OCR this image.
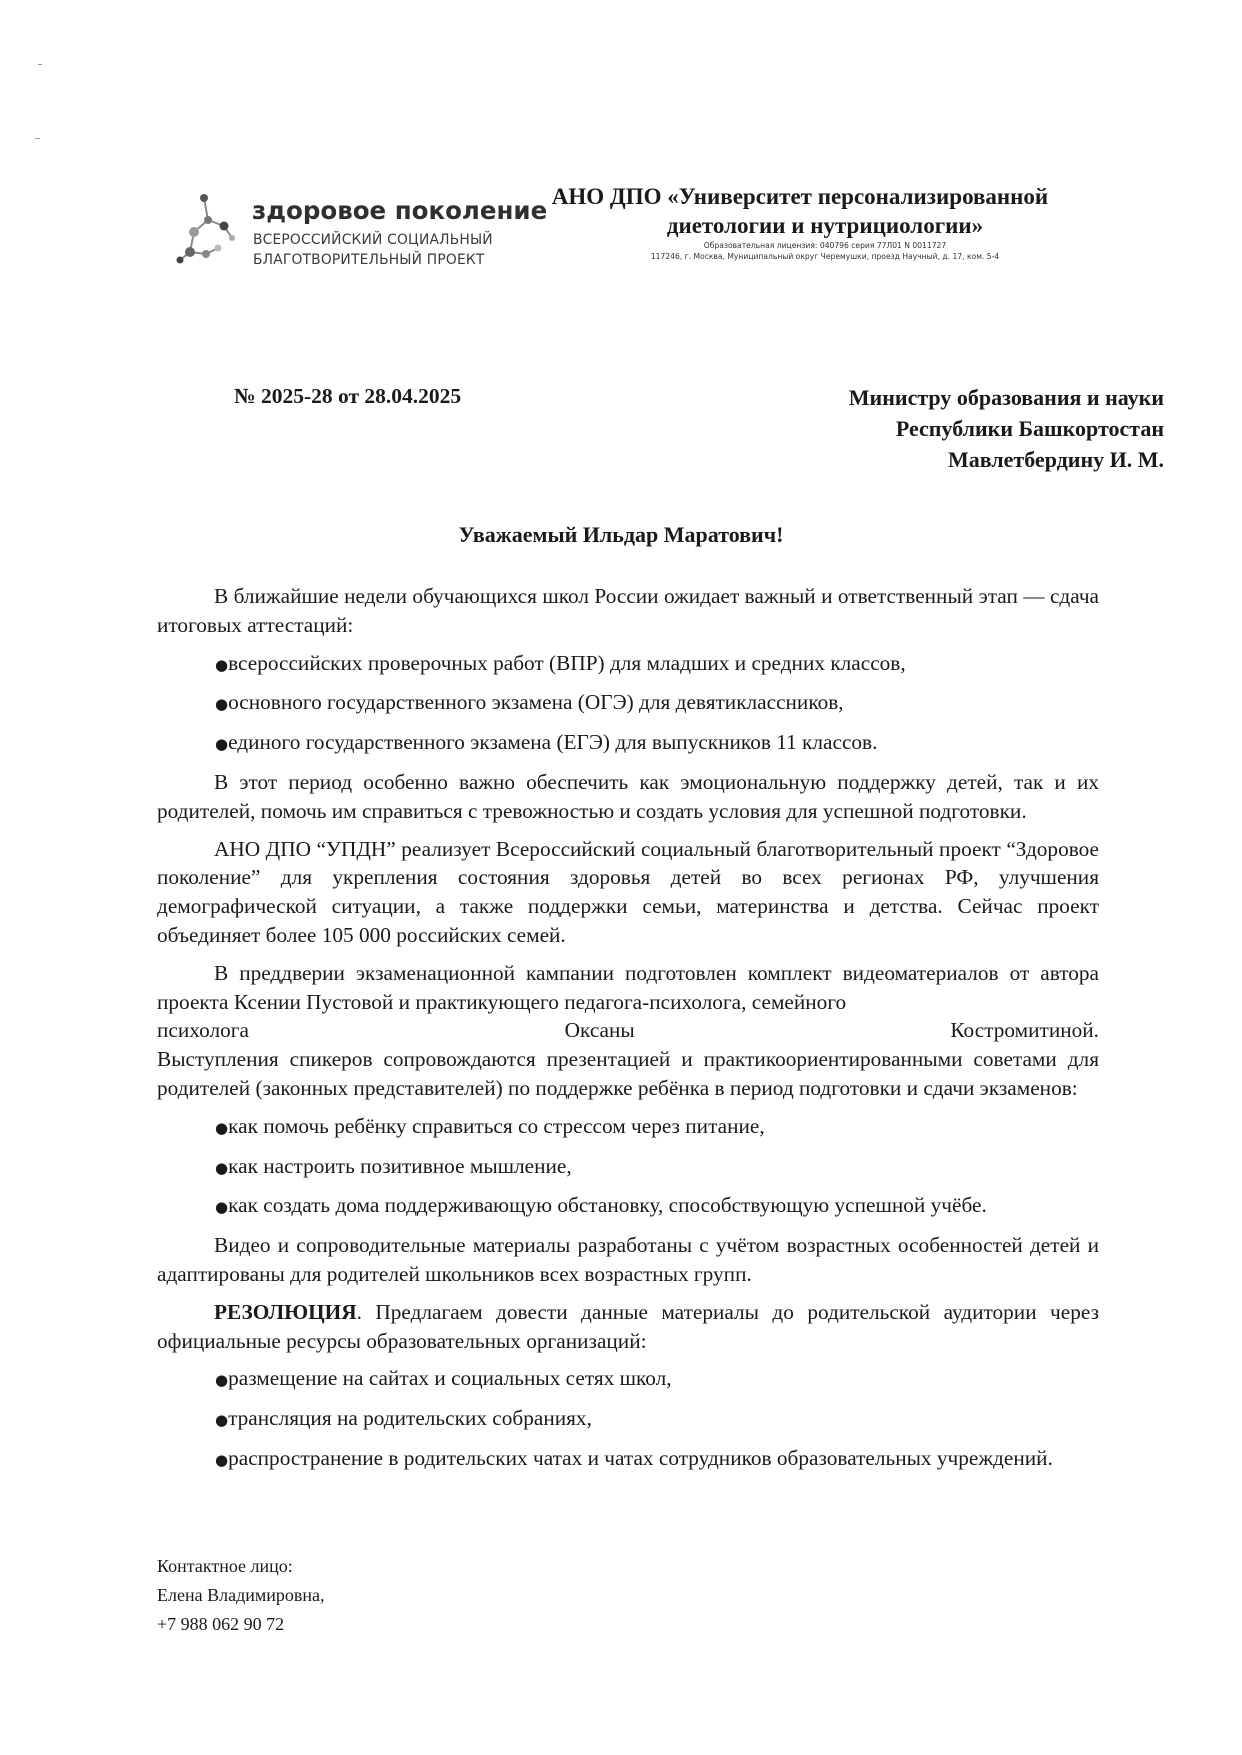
здоровое поколение
ВСЕРОССИЙСКИЙ СОЦИАЛЬНЫЙ
БЛАГОТВОРИТЕЛЬНЫЙ ПРОЕКТ
АНО ДПО «Университет персонализированной
диетологии и нутрициологии»
Образовательная лицензия: 040796 серия 77Л01 N 0011727
117246, г. Москва, Муниципальный округ Черемушки, проезд Научный, д. 17, ком. 5-4
№ 2025-28 от 28.04.2025	Министру образования и науки
Республики Башкортостан
Мавлетбердину И. М.
Уважаемый Ильдар Маратович!

В ближайшие недели обучающихся школ России ожидает важный и ответственный этап — сдача итоговых аттестаций:

●всероссийских проверочных работ (ВПР) для младших и средних классов,

●основного государственного экзамена (ОГЭ) для девятиклассников,

●единого государственного экзамена (ЕГЭ) для выпускников 11 классов.

В этот период особенно важно обеспечить как эмоциональную поддержку детей, так и их родителей, помочь им справиться с тревожностью и создать условия для успешной подготовки.

АНО ДПО “УПДН” реализует Всероссийский социальный благотворительный проект “Здоровое поколение” для укрепления состояния здоровья детей во всех регионах РФ, улучшения демографической ситуации, а также поддержки семьи, материнства и детства. Сейчас проект объединяет более 105 000 российских семей.

В преддверии экзаменационной кампании подготовлен комплект видеоматериалов от автора проекта Ксении Пустовой и практикующего педагога-психолога, семейного

психолога Оксаны Костромитиной.

Выступления спикеров сопровождаются презентацией и практикоориентированными советами для родителей (законных представителей) по поддержке ребёнка в период подготовки и сдачи экзаменов:

●как помочь ребёнку справиться со стрессом через питание,

●как настроить позитивное мышление,

●как создать дома поддерживающую обстановку, способствующую успешной учёбе.

Видео и сопроводительные материалы разработаны с учётом возрастных особенностей детей и адаптированы для родителей школьников всех возрастных групп.

РЕЗОЛЮЦИЯ. Предлагаем довести данные материалы до родительской аудитории через официальные ресурсы образовательных организаций:

●размещение на сайтах и социальных сетях школ,

●трансляция на родительских собраниях,

●распространение в родительских чатах и чатах сотрудников образовательных учреждений.

Контактное лицо:
Елена Владимировна,
+7 988 062 90 72
